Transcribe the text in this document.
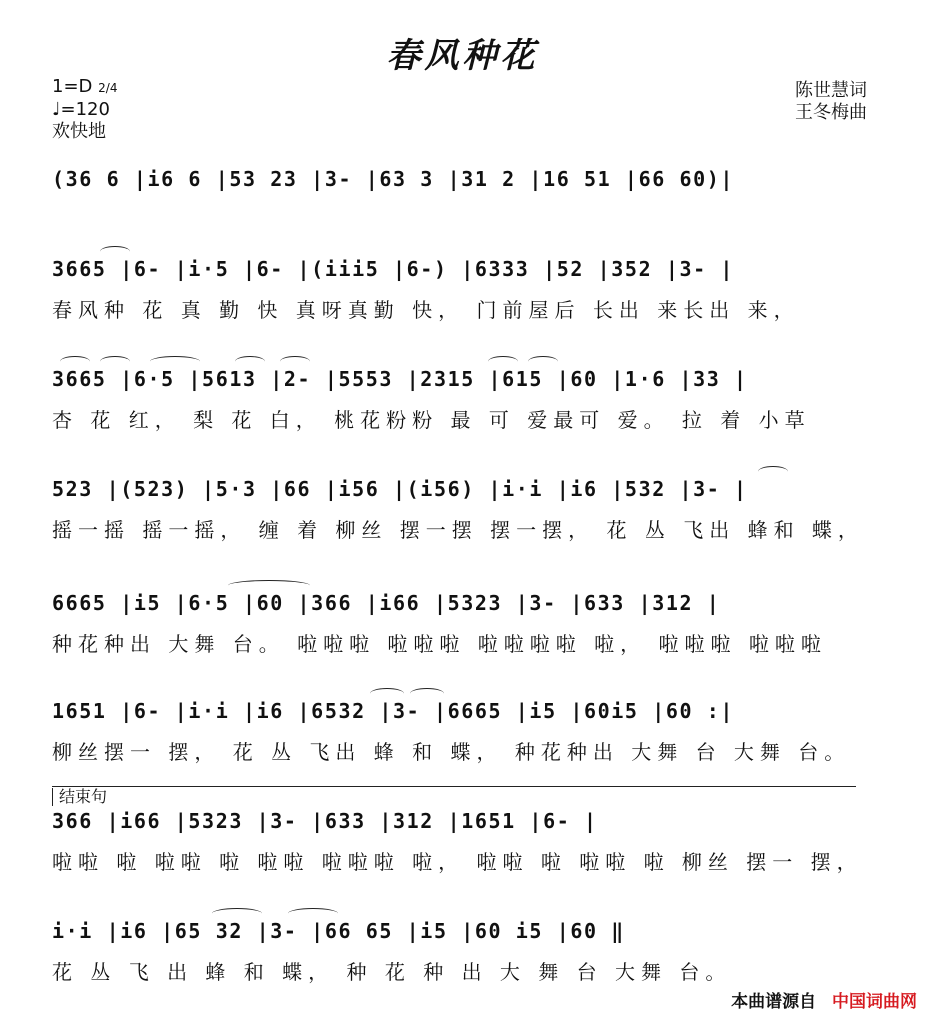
春风种花
1=D 2/4
♩=120
欢快地
陈世慧词
王冬梅曲
(36 6 |i6 6 |53 23 |3- |63 3 |31 2 |16 51 |66 60)|
3665 |6- |i·5 |6- |(iii5 |6-) |6333 |52 |352 |3- |
春风种 花 真 勤 快 真呀真勤 快， 门前屋后 长出 来长出 来，
3665 |6·5 |5613 |2- |5553 |2315 |615 |60 |1·6 |33 |
杏 花 红， 梨 花 白， 桃花粉粉 最 可 爱最可 爱。 拉 着 小草
523 |(523) |5·3 |66 |i56 |(i56) |i·i |i6 |532 |3- |
摇一摇 摇一摇， 缠 着 柳丝 摆一摆 摆一摆， 花 丛 飞出 蜂和 蝶，
6665 |i5 |6·5 |60 |366 |i66 |5323 |3- |633 |312 |
种花种出 大舞 台。 啦啦啦 啦啦啦 啦啦啦啦 啦， 啦啦啦 啦啦啦
1651 |6- |i·i |i6 |6532 |3- |6665 |i5 |60i5 |60 :|
柳丝摆一 摆， 花 丛 飞出 蜂 和 蝶， 种花种出 大舞 台 大舞 台。
结束句
366 |i66 |5323 |3- |633 |312 |1651 |6- |
啦啦 啦 啦啦 啦 啦啦 啦啦啦 啦， 啦啦 啦 啦啦 啦 柳丝 摆一 摆，
i·i |i6 |65 32 |3- |66 65 |i5 |60 i5 |60 ‖
花 丛 飞 出 蜂 和 蝶， 种 花 种 出 大 舞 台 大舞 台。
本曲谱源自 中国词曲网
